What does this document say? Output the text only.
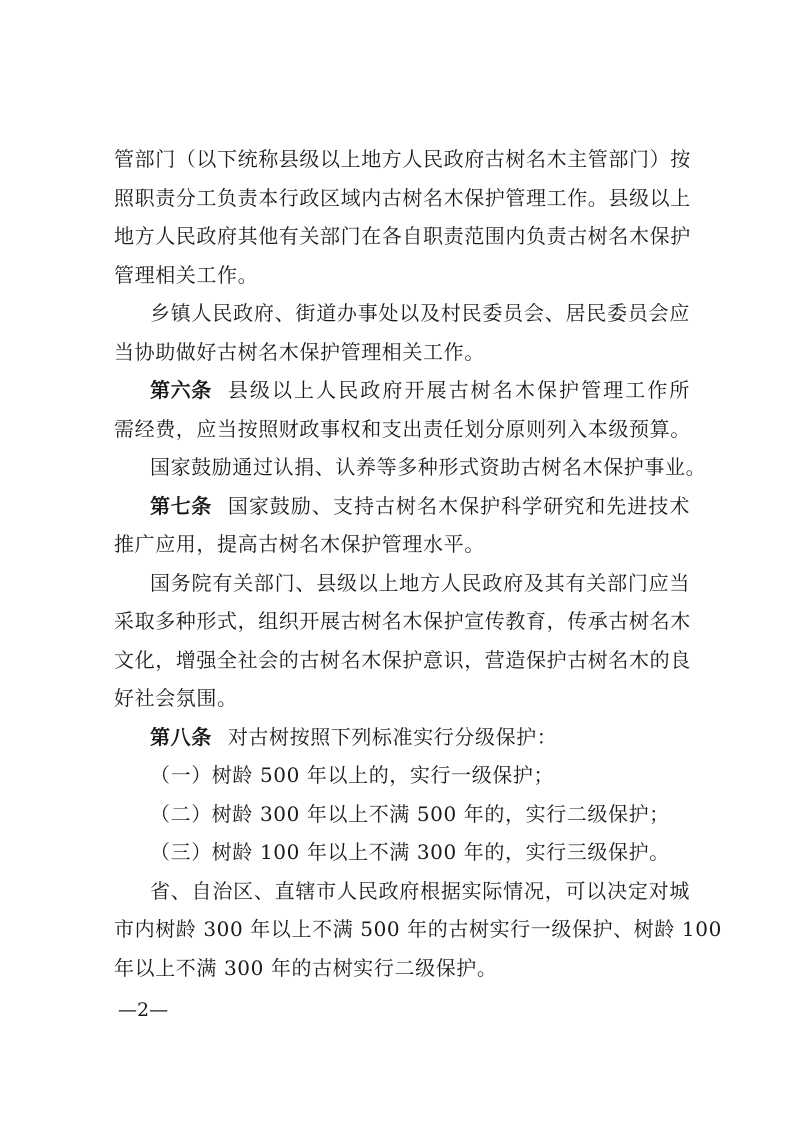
管部门（以下统称县级以上地方人民政府古树名木主管部门）按
照职责分工负责本行政区域内古树名木保护管理工作。县级以上
地方人民政府其他有关部门在各自职责范围内负责古树名木保护
管理相关工作。
乡镇人民政府、街道办事处以及村民委员会、居民委员会应
当协助做好古树名木保护管理相关工作。
第六条 县级以上人民政府开展古树名木保护管理工作所
需经费，应当按照财政事权和支出责任划分原则列入本级预算。
国家鼓励通过认捐、认养等多种形式资助古树名木保护事业。
第七条 国家鼓励、支持古树名木保护科学研究和先进技术
推广应用，提高古树名木保护管理水平。
国务院有关部门、县级以上地方人民政府及其有关部门应当
采取多种形式，组织开展古树名木保护宣传教育，传承古树名木
文化，增强全社会的古树名木保护意识，营造保护古树名木的良
好社会氛围。
第八条 对古树按照下列标准实行分级保护：
（一）树龄 500 年以上的，实行一级保护；
（二）树龄 300 年以上不满 500 年的，实行二级保护；
（三）树龄 100 年以上不满 300 年的，实行三级保护。
省、自治区、直辖市人民政府根据实际情况，可以决定对城
市内树龄 300 年以上不满 500 年的古树实行一级保护、树龄 100
年以上不满 300 年的古树实行二级保护。
—2—
